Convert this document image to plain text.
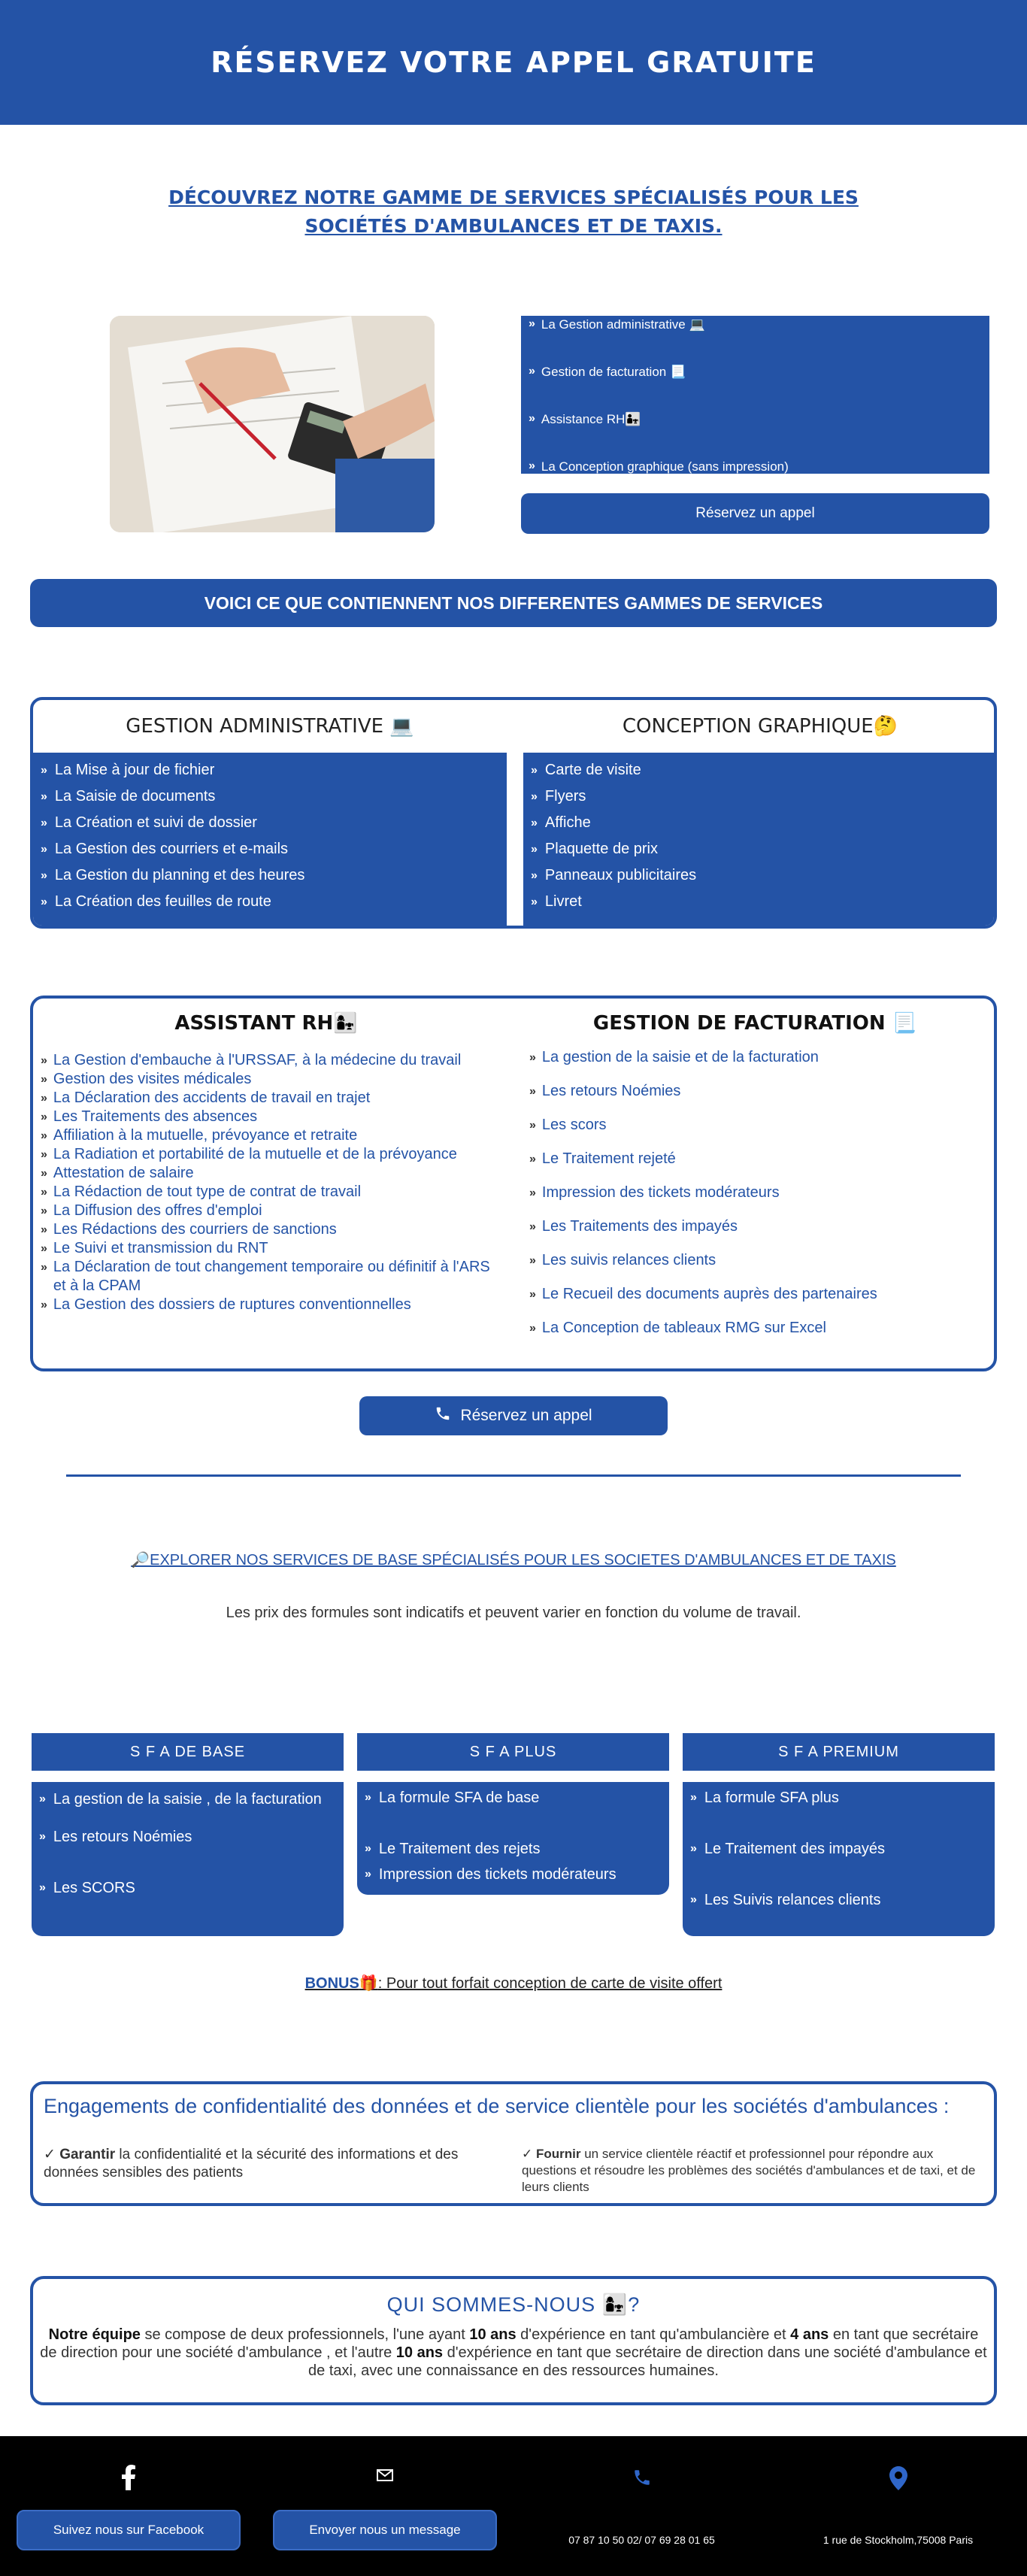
RÉSERVEZ VOTRE APPEL GRATUITE
DÉCOUVREZ NOTRE GAMME DE SERVICES SPÉCIALISÉS POUR LES SOCIÉTÉS D'AMBULANCES ET DE TAXIS.
» La Gestion administrative 💻
» Gestion de facturation 📃
» Assistance RH👨‍👧
» La Conception graphique (sans impression)
Réservez un appel
VOICI CE QUE CONTIENNENT NOS DIFFERENTES GAMMES DE SERVICES
GESTION ADMINISTRATIVE 💻
» La Mise à jour de fichier
» La Saisie de documents
» La Création et suivi de dossier
» La Gestion des courriers et e-mails
» La Gestion du planning et des heures
» La Création des feuilles de route
CONCEPTION GRAPHIQUE🤔
» Carte de visite
» Flyers
» Affiche
» Plaquette de prix
» Panneaux publicitaires
» Livret
ASSISTANT RH👩‍👧
» La Gestion d'embauche à l'URSSAF, à la médecine du travail
» Gestion des visites médicales
» La Déclaration des accidents de travail en trajet
» Les Traitements des absences
» Affiliation à la mutuelle, prévoyance et retraite
» La Radiation et portabilité de la mutuelle et de la prévoyance
» Attestation de salaire
» La Rédaction de tout type de contrat de travail
» La Diffusion des offres d'emploi
» Les Rédactions des courriers de sanctions
» Le Suivi et transmission du RNT
» La Déclaration de tout changement temporaire ou définitif à l'ARS et à la CPAM
» La Gestion des dossiers de ruptures conventionnelles
GESTION DE FACTURATION 📃
» La gestion de la saisie et de la facturation
» Les retours Noémies
» Les scors
» Le Traitement rejeté
» Impression des tickets modérateurs
» Les Traitements des impayés
» Les suivis relances clients
» Le Recueil des documents auprès des partenaires
» La Conception de tableaux RMG sur Excel
Réservez un appel
🔎EXPLORER NOS SERVICES DE BASE SPÉCIALISÉS POUR LES SOCIETES D'AMBULANCES ET DE TAXIS
Les prix des formules sont indicatifs et peuvent varier en fonction du volume de travail.
S F A DE BASE
» La gestion de la saisie , de la facturation
» Les retours Noémies
» Les SCORS
S F A PLUS
» La formule SFA de base
» Le Traitement des rejets
» Impression des tickets modérateurs
S F A PREMIUM
» La formule SFA plus
» Le Traitement des impayés
» Les Suivis relances clients
BONUS🎁: Pour tout forfait conception de carte de visite offert
Engagements de confidentialité des données et de service clientèle pour les sociétés d'ambulances :
✓ Garantir la confidentialité et la sécurité des informations et des données sensibles des patients
✓ Fournir un service clientèle réactif et professionnel pour répondre aux questions et résoudre les problèmes des sociétés d'ambulances et de taxi, et de leurs clients
QUI SOMMES-NOUS 👩‍👧?
Notre équipe se compose de deux professionnels, l'une ayant 10 ans d'expérience en tant qu'ambulancière et 4 ans en tant que secrétaire de direction pour une société d'ambulance , et l'autre 10 ans d'expérience en tant que secrétaire de direction dans une société d'ambulance et de taxi, avec une connaissance en des ressources humaines.
Suivez nous sur Facebook	Envoyer nous un message
07 87 10 50 02/ 07 69 28 01 65	1 rue de Stockholm,75008 Paris
